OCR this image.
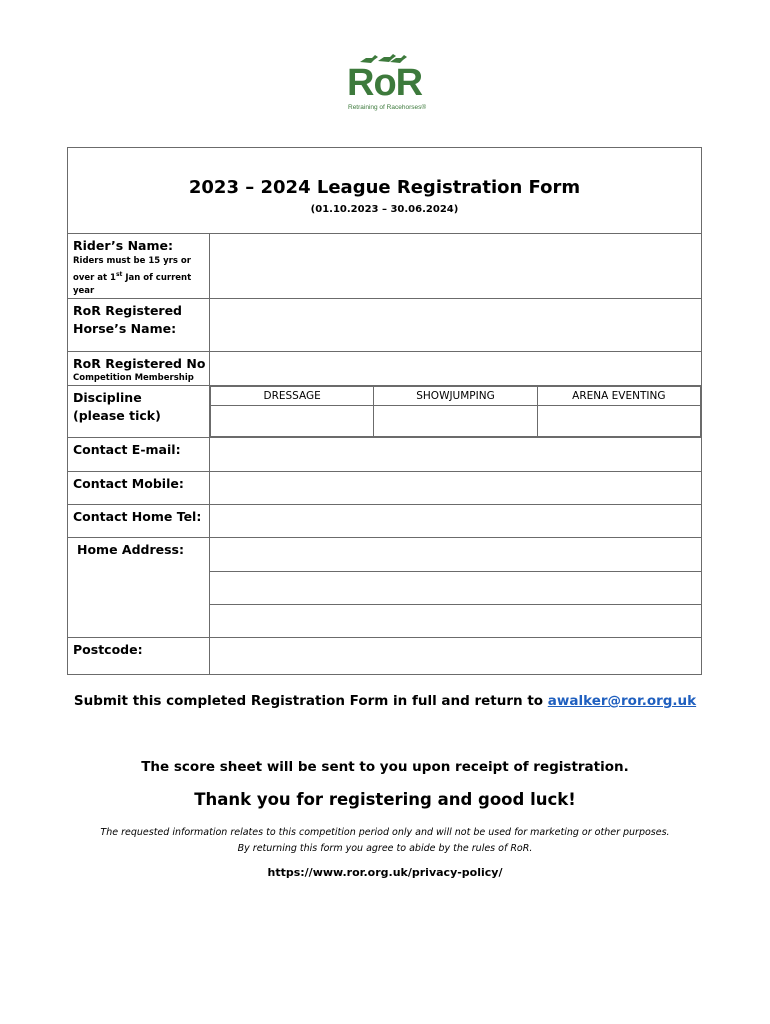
RoR
Retraining of Racehorses®
2023 – 2024 League Registration Form
(01.10.2023 – 30.06.2024)

Rider’s Name:
Riders must be 15 yrs or
over at 1st Jan of current
year

RoR Registered
Horse’s Name:

RoR Registered No
Competition Membership

Discipline
(please tick)

DRESSAGE	SHOWJUMPING	ARENA EVENTING

Contact E-mail:

Contact Mobile:

Contact Home Tel:

Home Address:

Postcode:

Submit this completed Registration Form in full and return to awalker@ror.org.uk
The score sheet will be sent to you upon receipt of registration.
Thank you for registering and good luck!
The requested information relates to this competition period only and will not be used for marketing or other purposes.
By returning this form you agree to abide by the rules of RoR.
https://www.ror.org.uk/privacy-policy/
